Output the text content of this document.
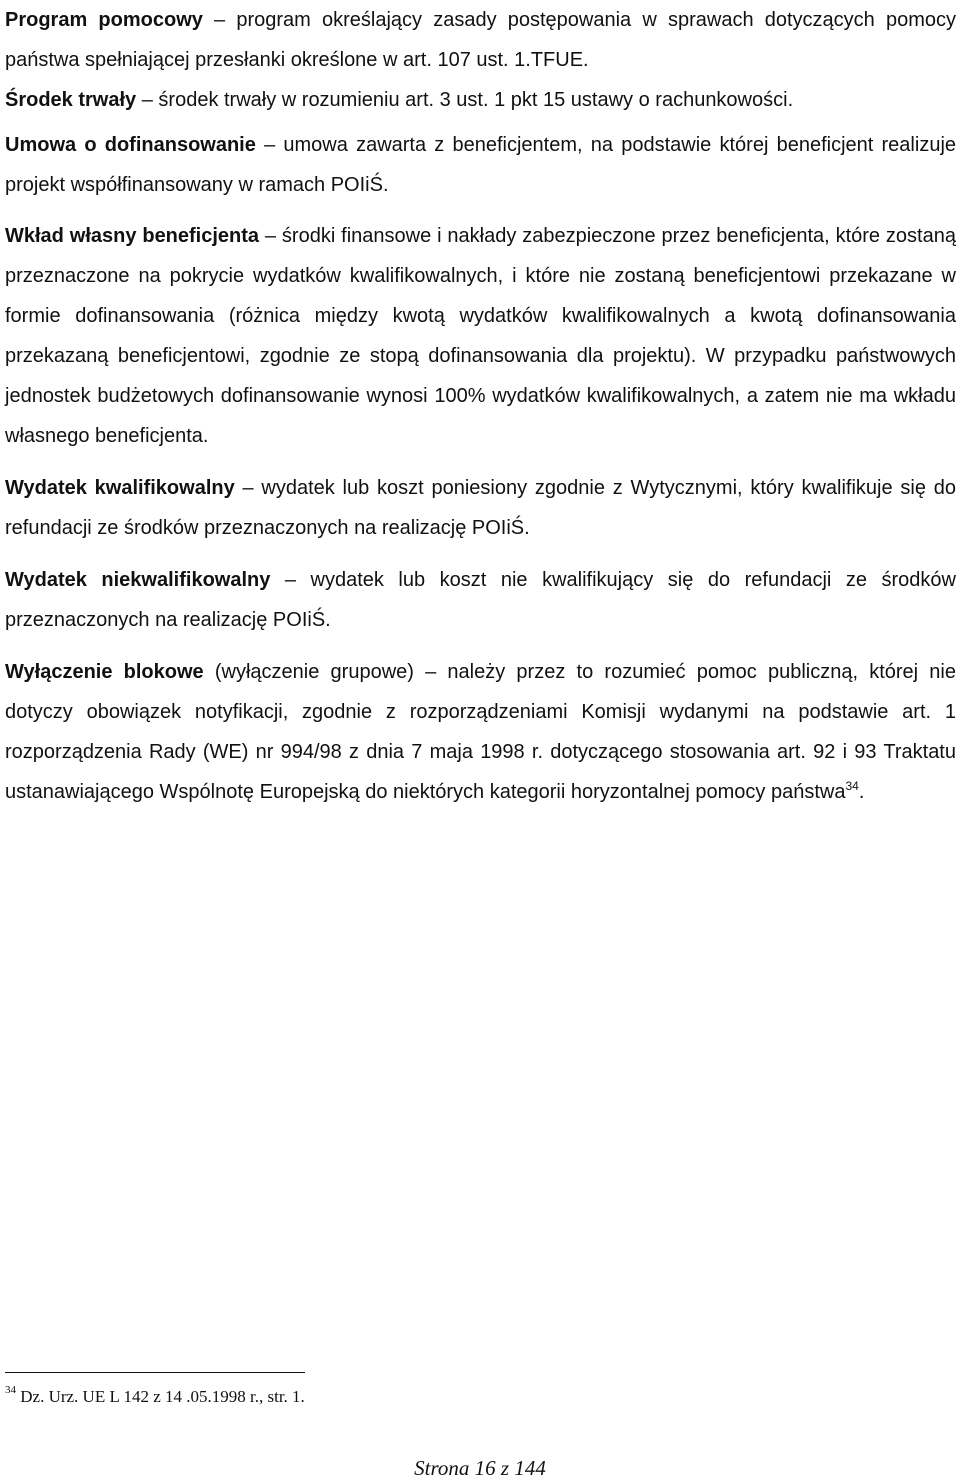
Program pomocowy – program określający zasady postępowania w sprawach dotyczących pomocy państwa spełniającej przesłanki określone w art. 107 ust. 1.TFUE.

Środek trwały – środek trwały w rozumieniu art. 3 ust. 1 pkt 15 ustawy o rachunkowości.

Umowa o dofinansowanie – umowa zawarta z beneficjentem, na podstawie której beneficjent realizuje projekt współfinansowany w ramach POIiŚ.

Wkład własny beneficjenta – środki finansowe i nakłady zabezpieczone przez beneficjenta, które zostaną przeznaczone na pokrycie wydatków kwalifikowalnych, i które nie zostaną beneficjentowi przekazane w formie dofinansowania (różnica między kwotą wydatków kwalifikowalnych a kwotą dofinansowania przekazaną beneficjentowi, zgodnie ze stopą dofinansowania dla projektu). W przypadku państwowych jednostek budżetowych dofinansowanie wynosi 100% wydatków kwalifikowalnych, a zatem nie ma wkładu własnego beneficjenta.

Wydatek kwalifikowalny – wydatek lub koszt poniesiony zgodnie z Wytycznymi, który kwalifikuje się do refundacji ze środków przeznaczonych na realizację POIiŚ.

Wydatek niekwalifikowalny – wydatek lub koszt nie kwalifikujący się do refundacji ze środków przeznaczonych na realizację POIiŚ.

Wyłączenie blokowe (wyłączenie grupowe) – należy przez to rozumieć pomoc publiczną, której nie dotyczy obowiązek notyfikacji, zgodnie z rozporządzeniami Komisji wydanymi na podstawie art. 1 rozporządzenia Rady (WE) nr 994/98 z dnia 7 maja 1998 r. dotyczącego stosowania art. 92 i 93 Traktatu ustanawiającego Wspólnotę Europejską do niektórych kategorii horyzontalnej pomocy państwa$^{34}$.

$^{34}$ Dz. Urz. UE L 142 z 14 .05.1998 r., str. 1.
Strona 16 z 144
